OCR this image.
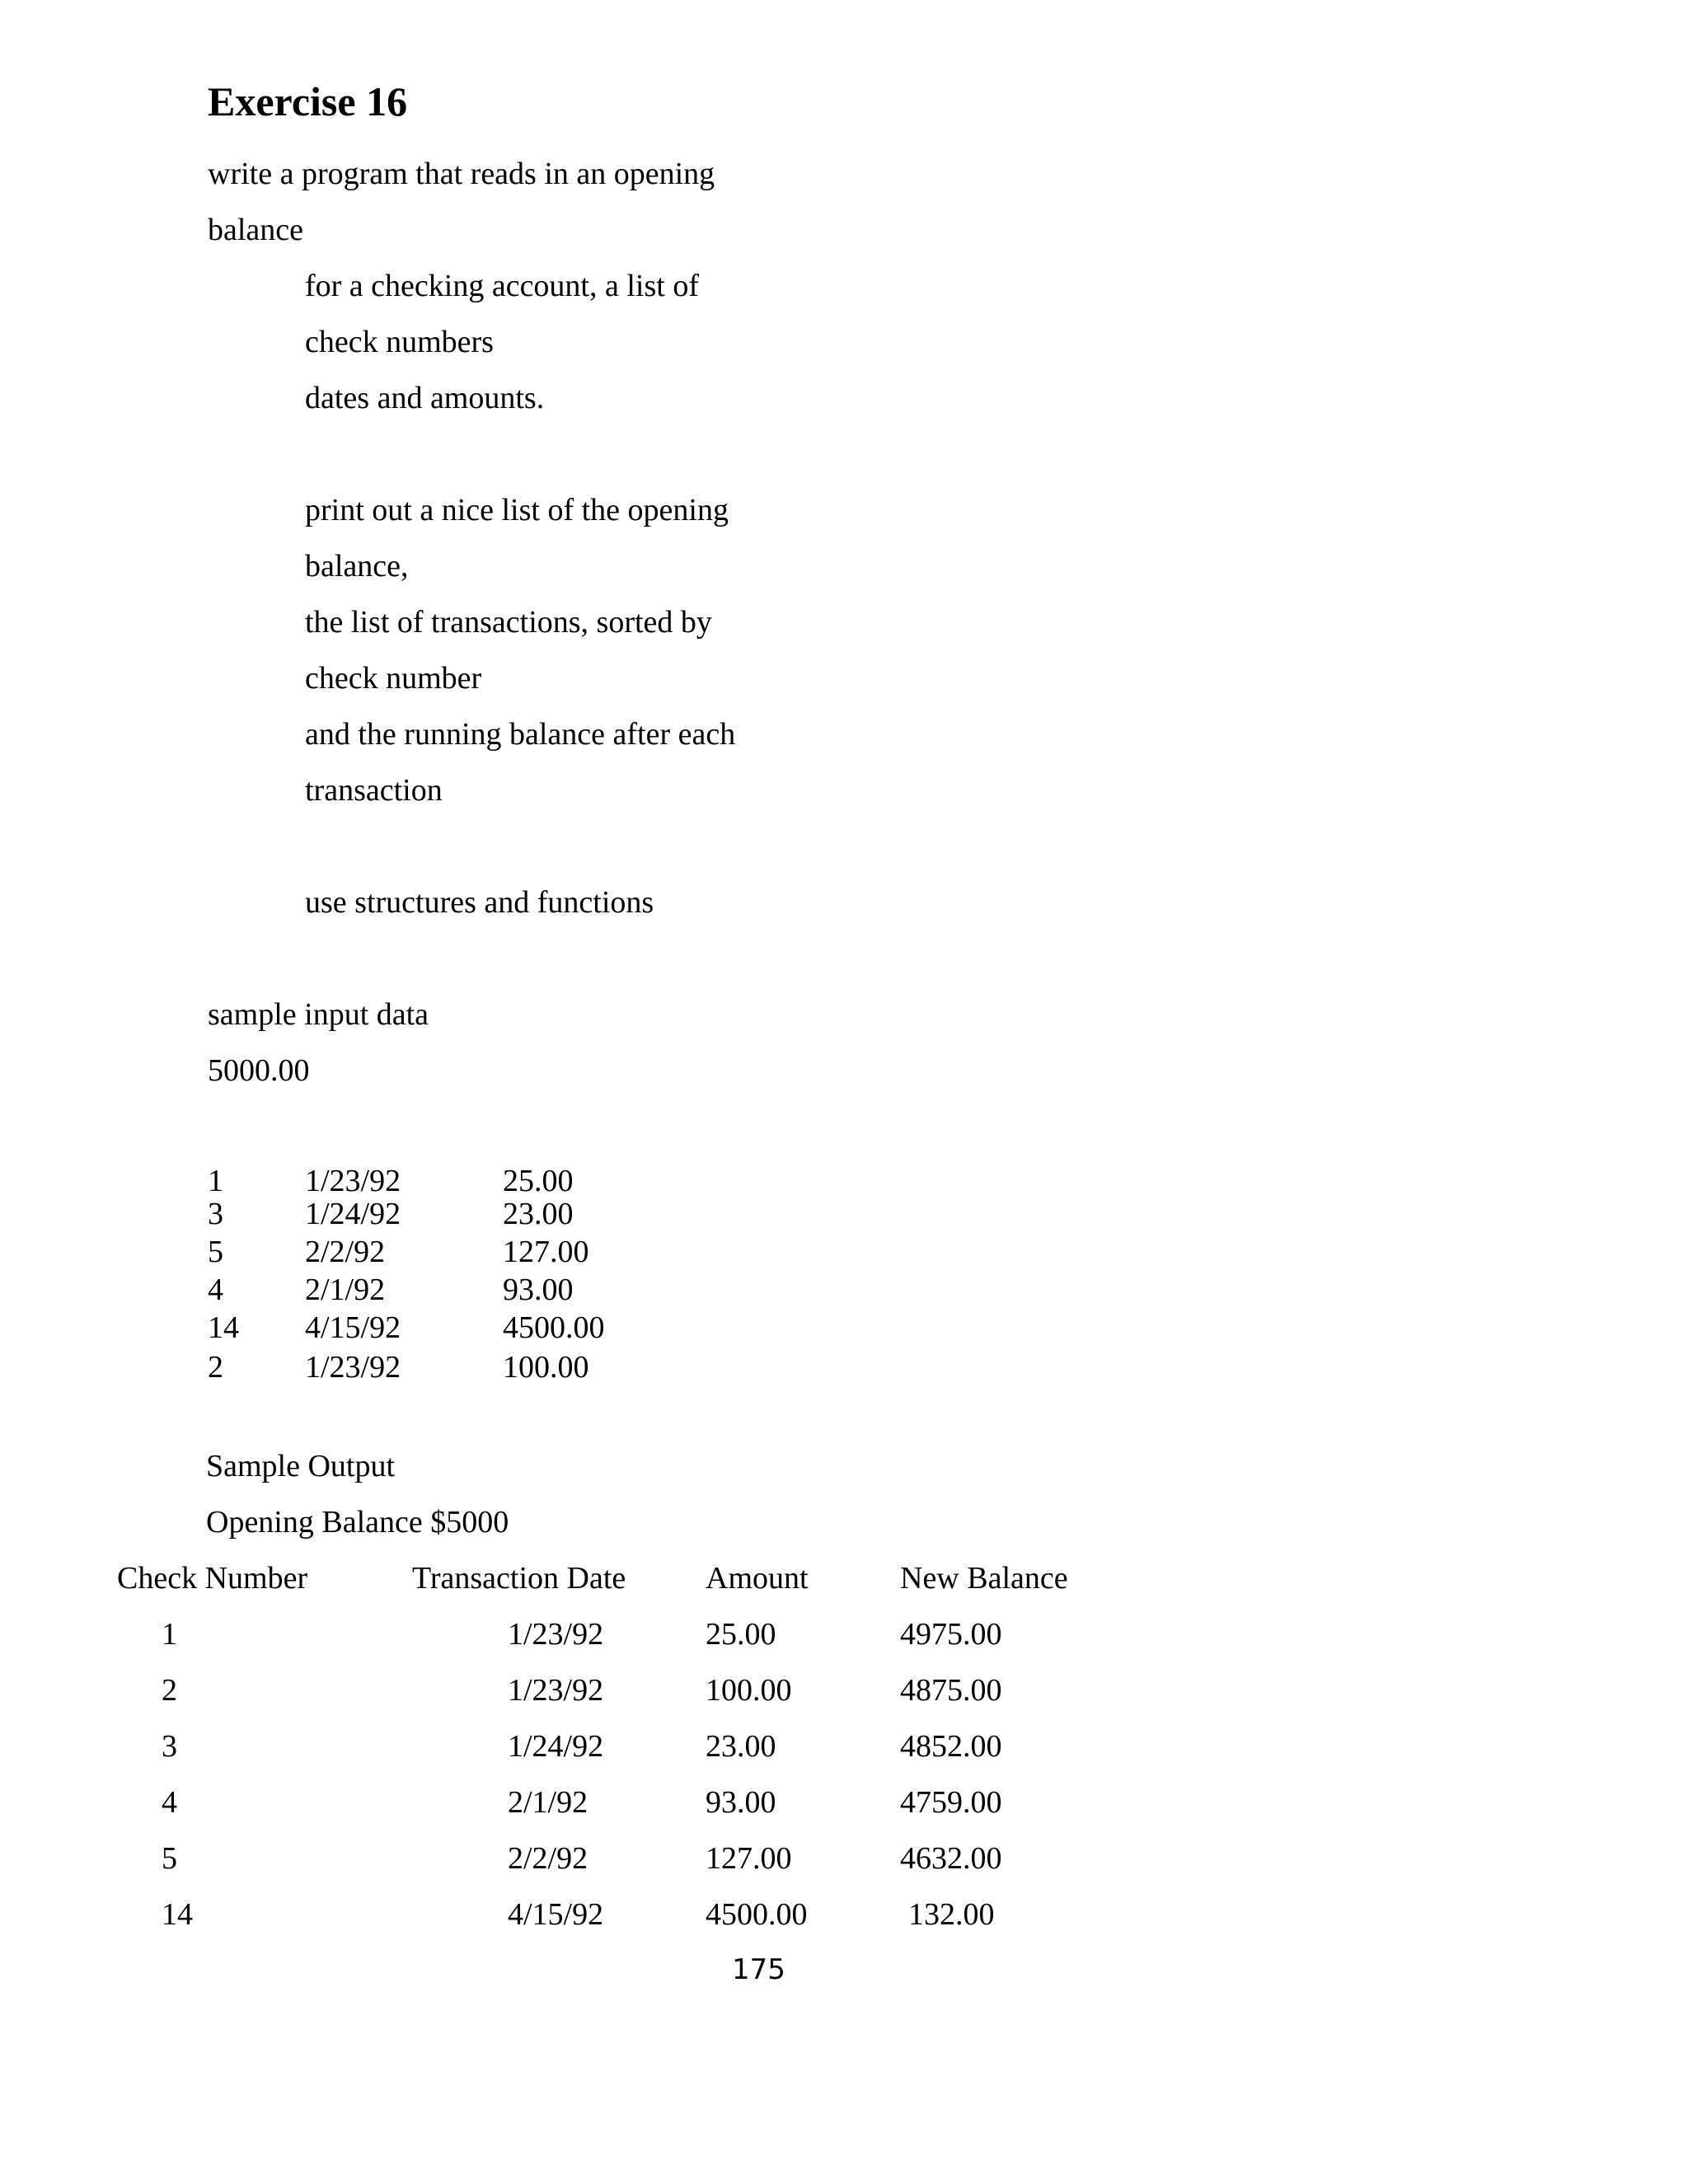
Exercise 16
write a program that reads in an opening
balance
for a checking account, a list of
check numbers
dates and amounts.
print out a nice list of the opening
balance,
the list of transactions, sorted by
check number
and the running balance after each
transaction
use structures and functions
sample input data
5000.00
1	1/23/92	25.00
3	1/24/92	23.00
5	2/2/92	127.00
4	2/1/92	93.00
14 4/15/92	4500.00
2	1/23/92	100.00
Sample Output
Opening Balance $5000
Check Number	Transaction Date	Amount	New Balance
1	1/23/92	25.00	4975.00
2	1/23/92	100.00	4875.00
3	1/24/92	23.00	4852.00
4	2/1/92	93.00	4759.00
5	2/2/92	127.00	4632.00
14	4/15/92	4500.00	132.00
175
